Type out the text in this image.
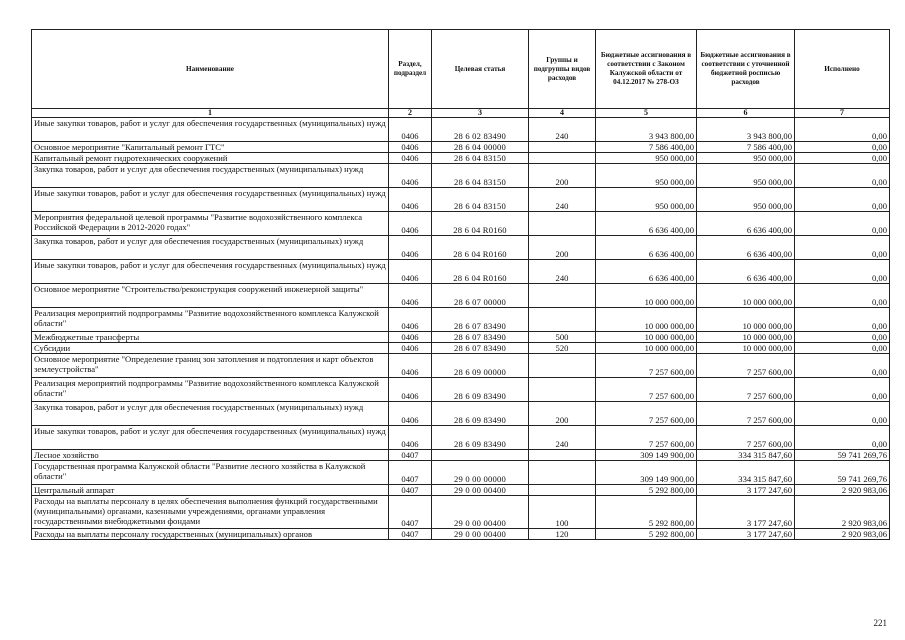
Наименование	Раздел, подраздел	Целевая статья	Группы и подгруппы видов расходов	Бюджетные ассигнования в соответствии с Законом Калужской области от 04.12.2017 № 278-ОЗ	Бюджетные ассигнования в соответствии с уточненной бюджетной росписью расходов	Исполнено
1	2	3	4	5	6	7
Иные закупки товаров, работ и услуг для обеспечения государственных (муниципальных) нужд	0406	28 6 02 83490	240	3 943 800,00	3 943 800,00	0,00
Основное мероприятие "Капитальный ремонт ГТС"	0406	28 6 04 00000		7 586 400,00	7 586 400,00	0,00
Капитальный ремонт гидротехнических сооружений	0406	28 6 04 83150		950 000,00	950 000,00	0,00
Закупка товаров, работ и услуг для обеспечения государственных (муниципальных) нужд	0406	28 6 04 83150	200	950 000,00	950 000,00	0,00
Иные закупки товаров, работ и услуг для обеспечения государственных (муниципальных) нужд	0406	28 6 04 83150	240	950 000,00	950 000,00	0,00
Мероприятия федеральной целевой программы "Развитие водохозяйственного комплекса Российской Федерации в 2012-2020 годах"	0406	28 6 04 R0160		6 636 400,00	6 636 400,00	0,00
Закупка товаров, работ и услуг для обеспечения государственных (муниципальных) нужд	0406	28 6 04 R0160	200	6 636 400,00	6 636 400,00	0,00
Иные закупки товаров, работ и услуг для обеспечения государственных (муниципальных) нужд	0406	28 6 04 R0160	240	6 636 400,00	6 636 400,00	0,00
Основное мероприятие "Строительство/реконструкция сооружений инженерной защиты"	0406	28 6 07 00000		10 000 000,00	10 000 000,00	0,00
Реализация мероприятий подпрограммы "Развитие водохозяйственного комплекса Калужской области"	0406	28 6 07 83490		10 000 000,00	10 000 000,00	0,00
Межбюджетные трансферты	0406	28 6 07 83490	500	10 000 000,00	10 000 000,00	0,00
Субсидии	0406	28 6 07 83490	520	10 000 000,00	10 000 000,00	0,00
Основное мероприятие "Определение границ зон затопления и подтопления и карт объектов землеустройства"	0406	28 6 09 00000		7 257 600,00	7 257 600,00	0,00
Реализация мероприятий подпрограммы "Развитие водохозяйственного комплекса Калужской области"	0406	28 6 09 83490		7 257 600,00	7 257 600,00	0,00
Закупка товаров, работ и услуг для обеспечения государственных (муниципальных) нужд	0406	28 6 09 83490	200	7 257 600,00	7 257 600,00	0,00
Иные закупки товаров, работ и услуг для обеспечения государственных (муниципальных) нужд	0406	28 6 09 83490	240	7 257 600,00	7 257 600,00	0,00
Лесное хозяйство	0407			309 149 900,00	334 315 847,60	59 741 269,76
Государственная программа Калужской области "Развитие лесного хозяйства в Калужской области"	0407	29 0 00 00000		309 149 900,00	334 315 847,60	59 741 269,76
Центральный аппарат	0407	29 0 00 00400		5 292 800,00	3 177 247,60	2 920 983,06
Расходы на выплаты персоналу в целях обеспечения выполнения функций государственными (муниципальными) органами, казенными учреждениями, органами управления государственными внебюджетными фондами	0407	29 0 00 00400	100	5 292 800,00	3 177 247,60	2 920 983,06
Расходы на выплаты персоналу государственных (муниципальных) органов	0407	29 0 00 00400	120	5 292 800,00	3 177 247,60	2 920 983,06
221
